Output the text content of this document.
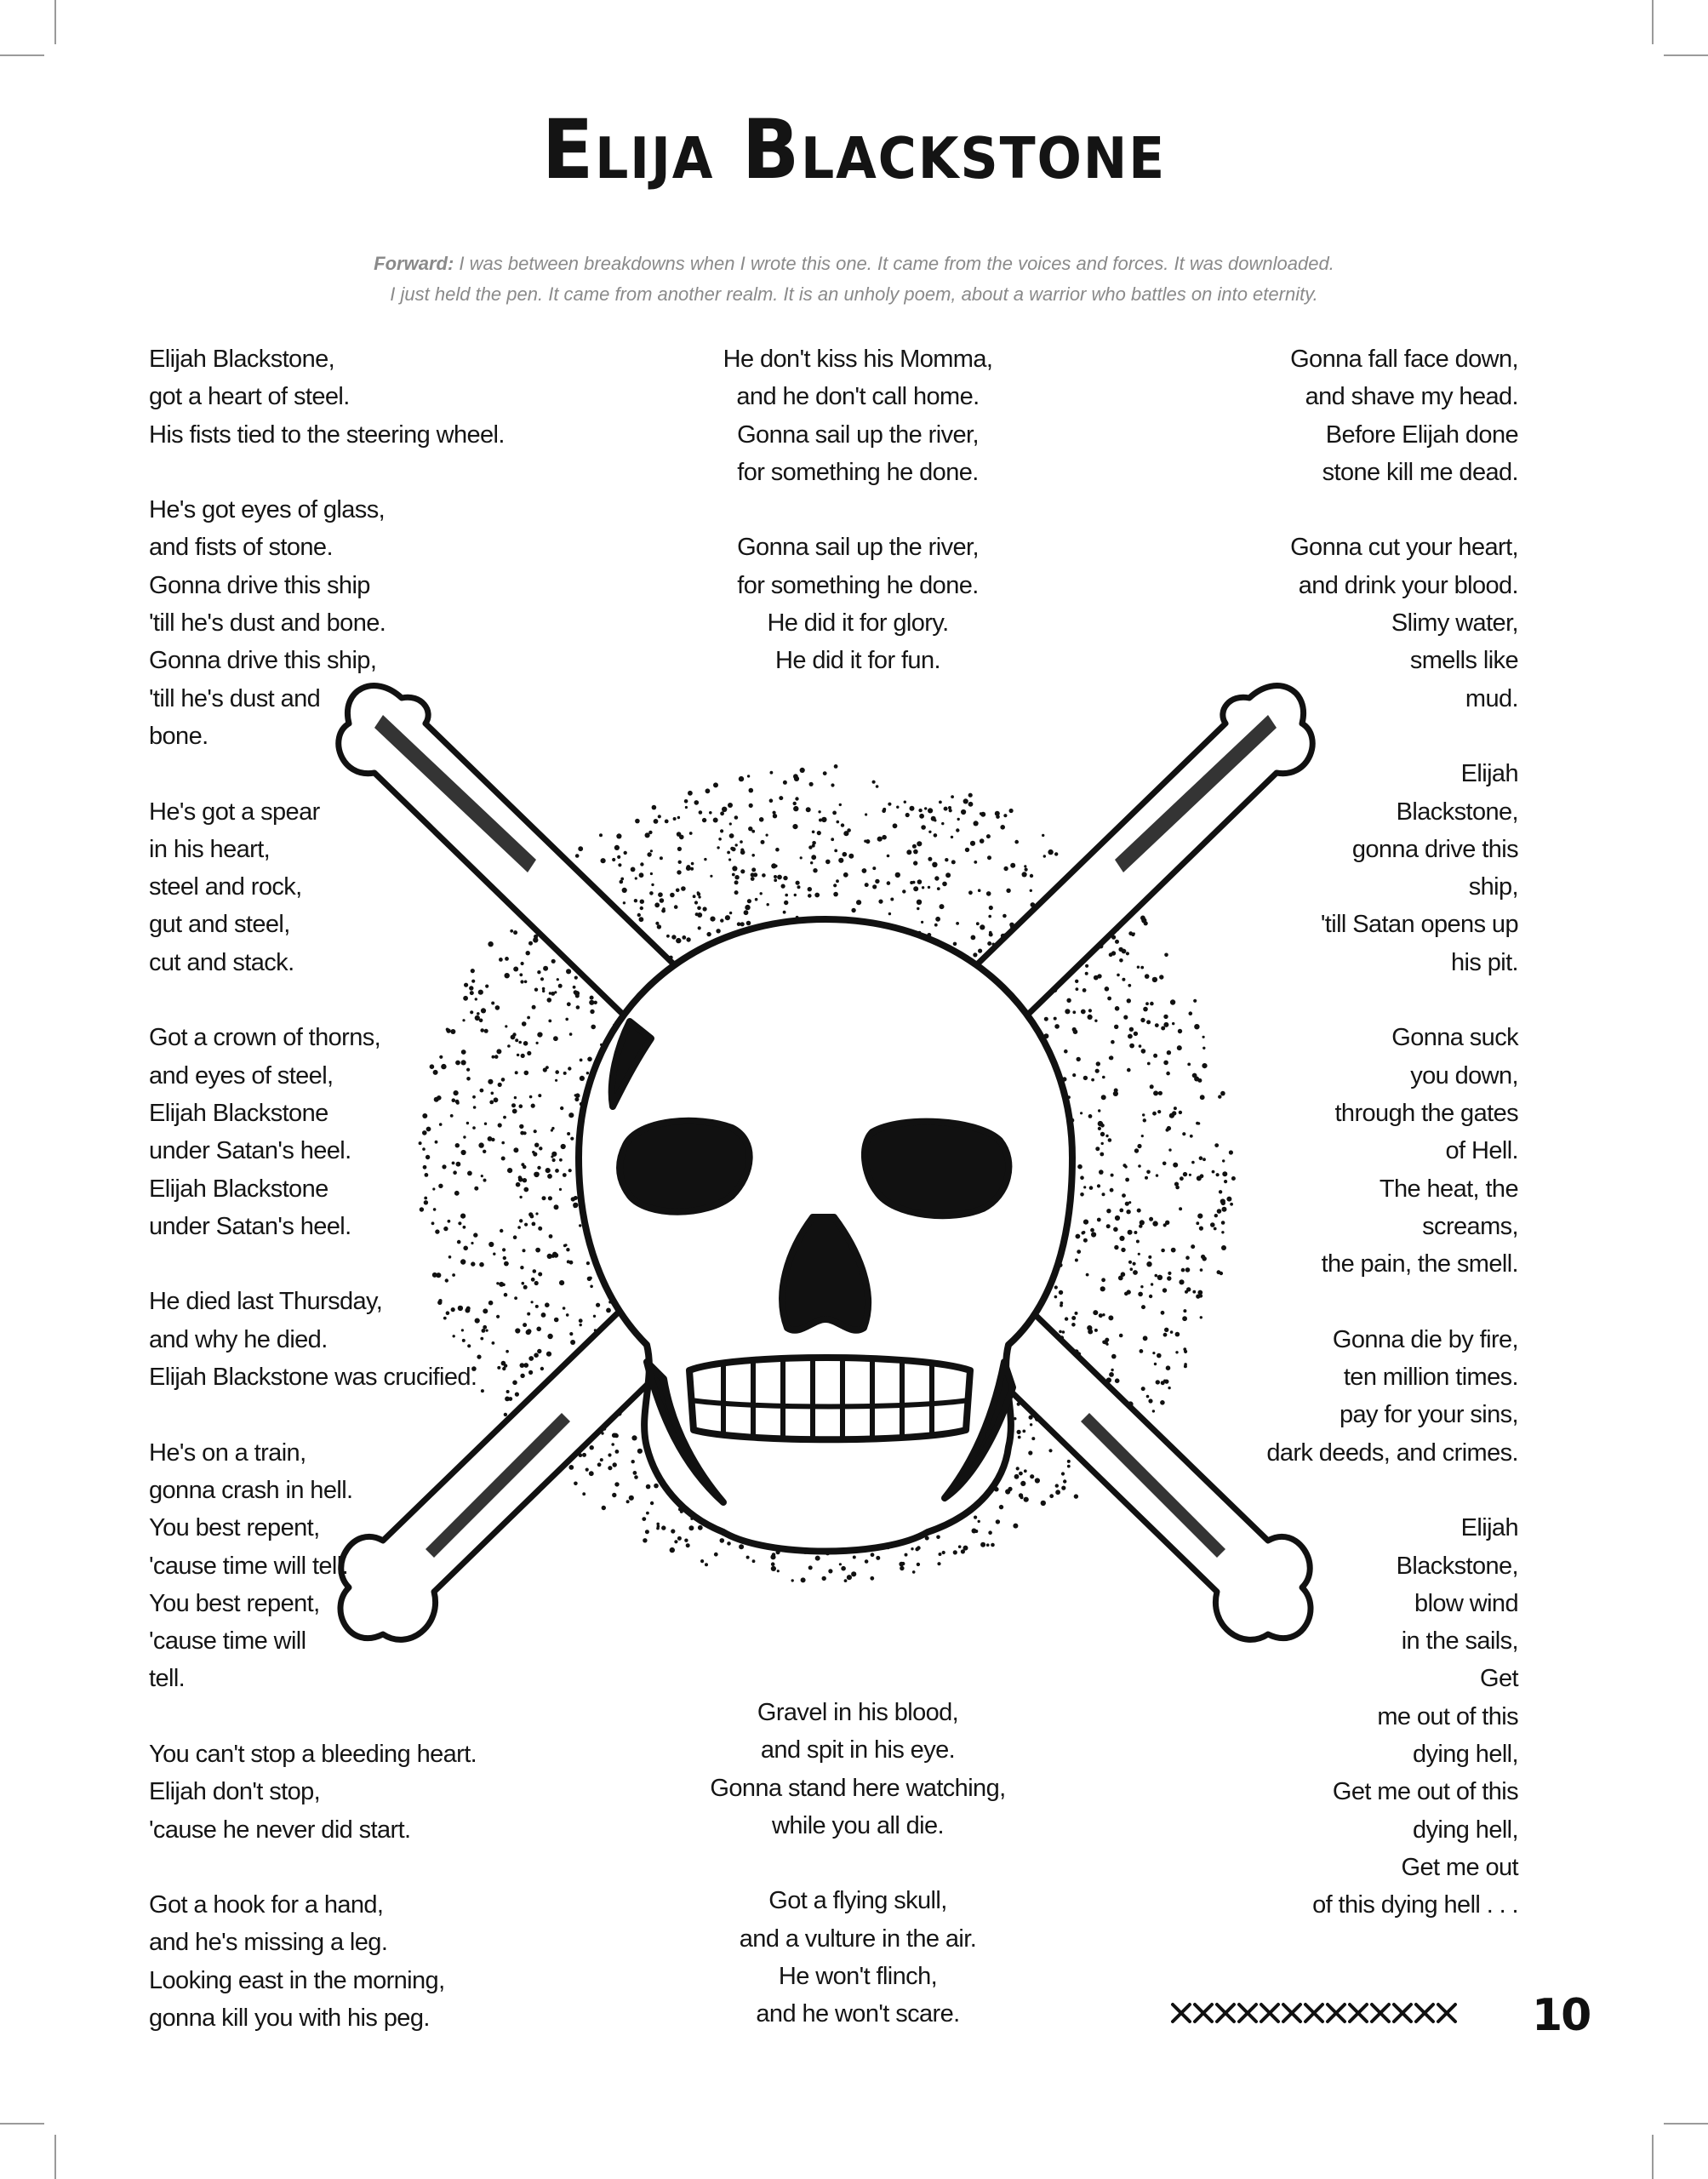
Elija Blackstone
Forward: I was between breakdowns when I wrote this one. It came from the voices and forces. It was downloaded.
I just held the pen. It came from another realm. It is an unholy poem, about a warrior who battles on into eternity.
Elijah Blackstone,
got a heart of steel.
His fists tied to the steering wheel.

He's got eyes of glass,
and fists of stone.
Gonna drive this ship
'till he's dust and bone.
Gonna drive this ship,
'till he's dust and
bone.

He's got a spear
in his heart,
steel and rock,
gut and steel,
cut and stack.

Got a crown of thorns,
and eyes of steel,
Elijah Blackstone
under Satan's heel.
Elijah Blackstone
under Satan's heel.

He died last Thursday,
and why he died.
Elijah Blackstone was crucified.

He's on a train,
gonna crash in hell.
You best repent,
'cause time will tell.
You best repent,
'cause time will
tell.

You can't stop a bleeding heart.
Elijah don't stop,
'cause he never did start.

Got a hook for a hand,
and he's missing a leg.
Looking east in the morning,
gonna kill you with his peg.
He don't kiss his Momma,
and he don't call home.
Gonna sail up the river,
for something he done.

Gonna sail up the river,
for something he done.
He did it for glory.
He did it for fun.
Gravel in his blood,
and spit in his eye.
Gonna stand here watching,
while you all die.

Got a flying skull,
and a vulture in the air.
He won't flinch,
and he won't scare.
Gonna fall face down,
and shave my head.
Before Elijah done
stone kill me dead.

Gonna cut your heart,
and drink your blood.
Slimy water,
smells like
mud.

Elijah
Blackstone,
gonna drive this
ship,
'till Satan opens up
his pit.

Gonna suck
you down,
through the gates
of Hell.
The heat, the
screams,
the pain, the smell.

Gonna die by fire,
ten million times.
pay for your sins,
dark deeds, and crimes.

Elijah
Blackstone,
blow wind
in the sails,
Get
me out of this
dying hell,
Get me out of this
dying hell,
Get me out
of this dying hell . . .
10
